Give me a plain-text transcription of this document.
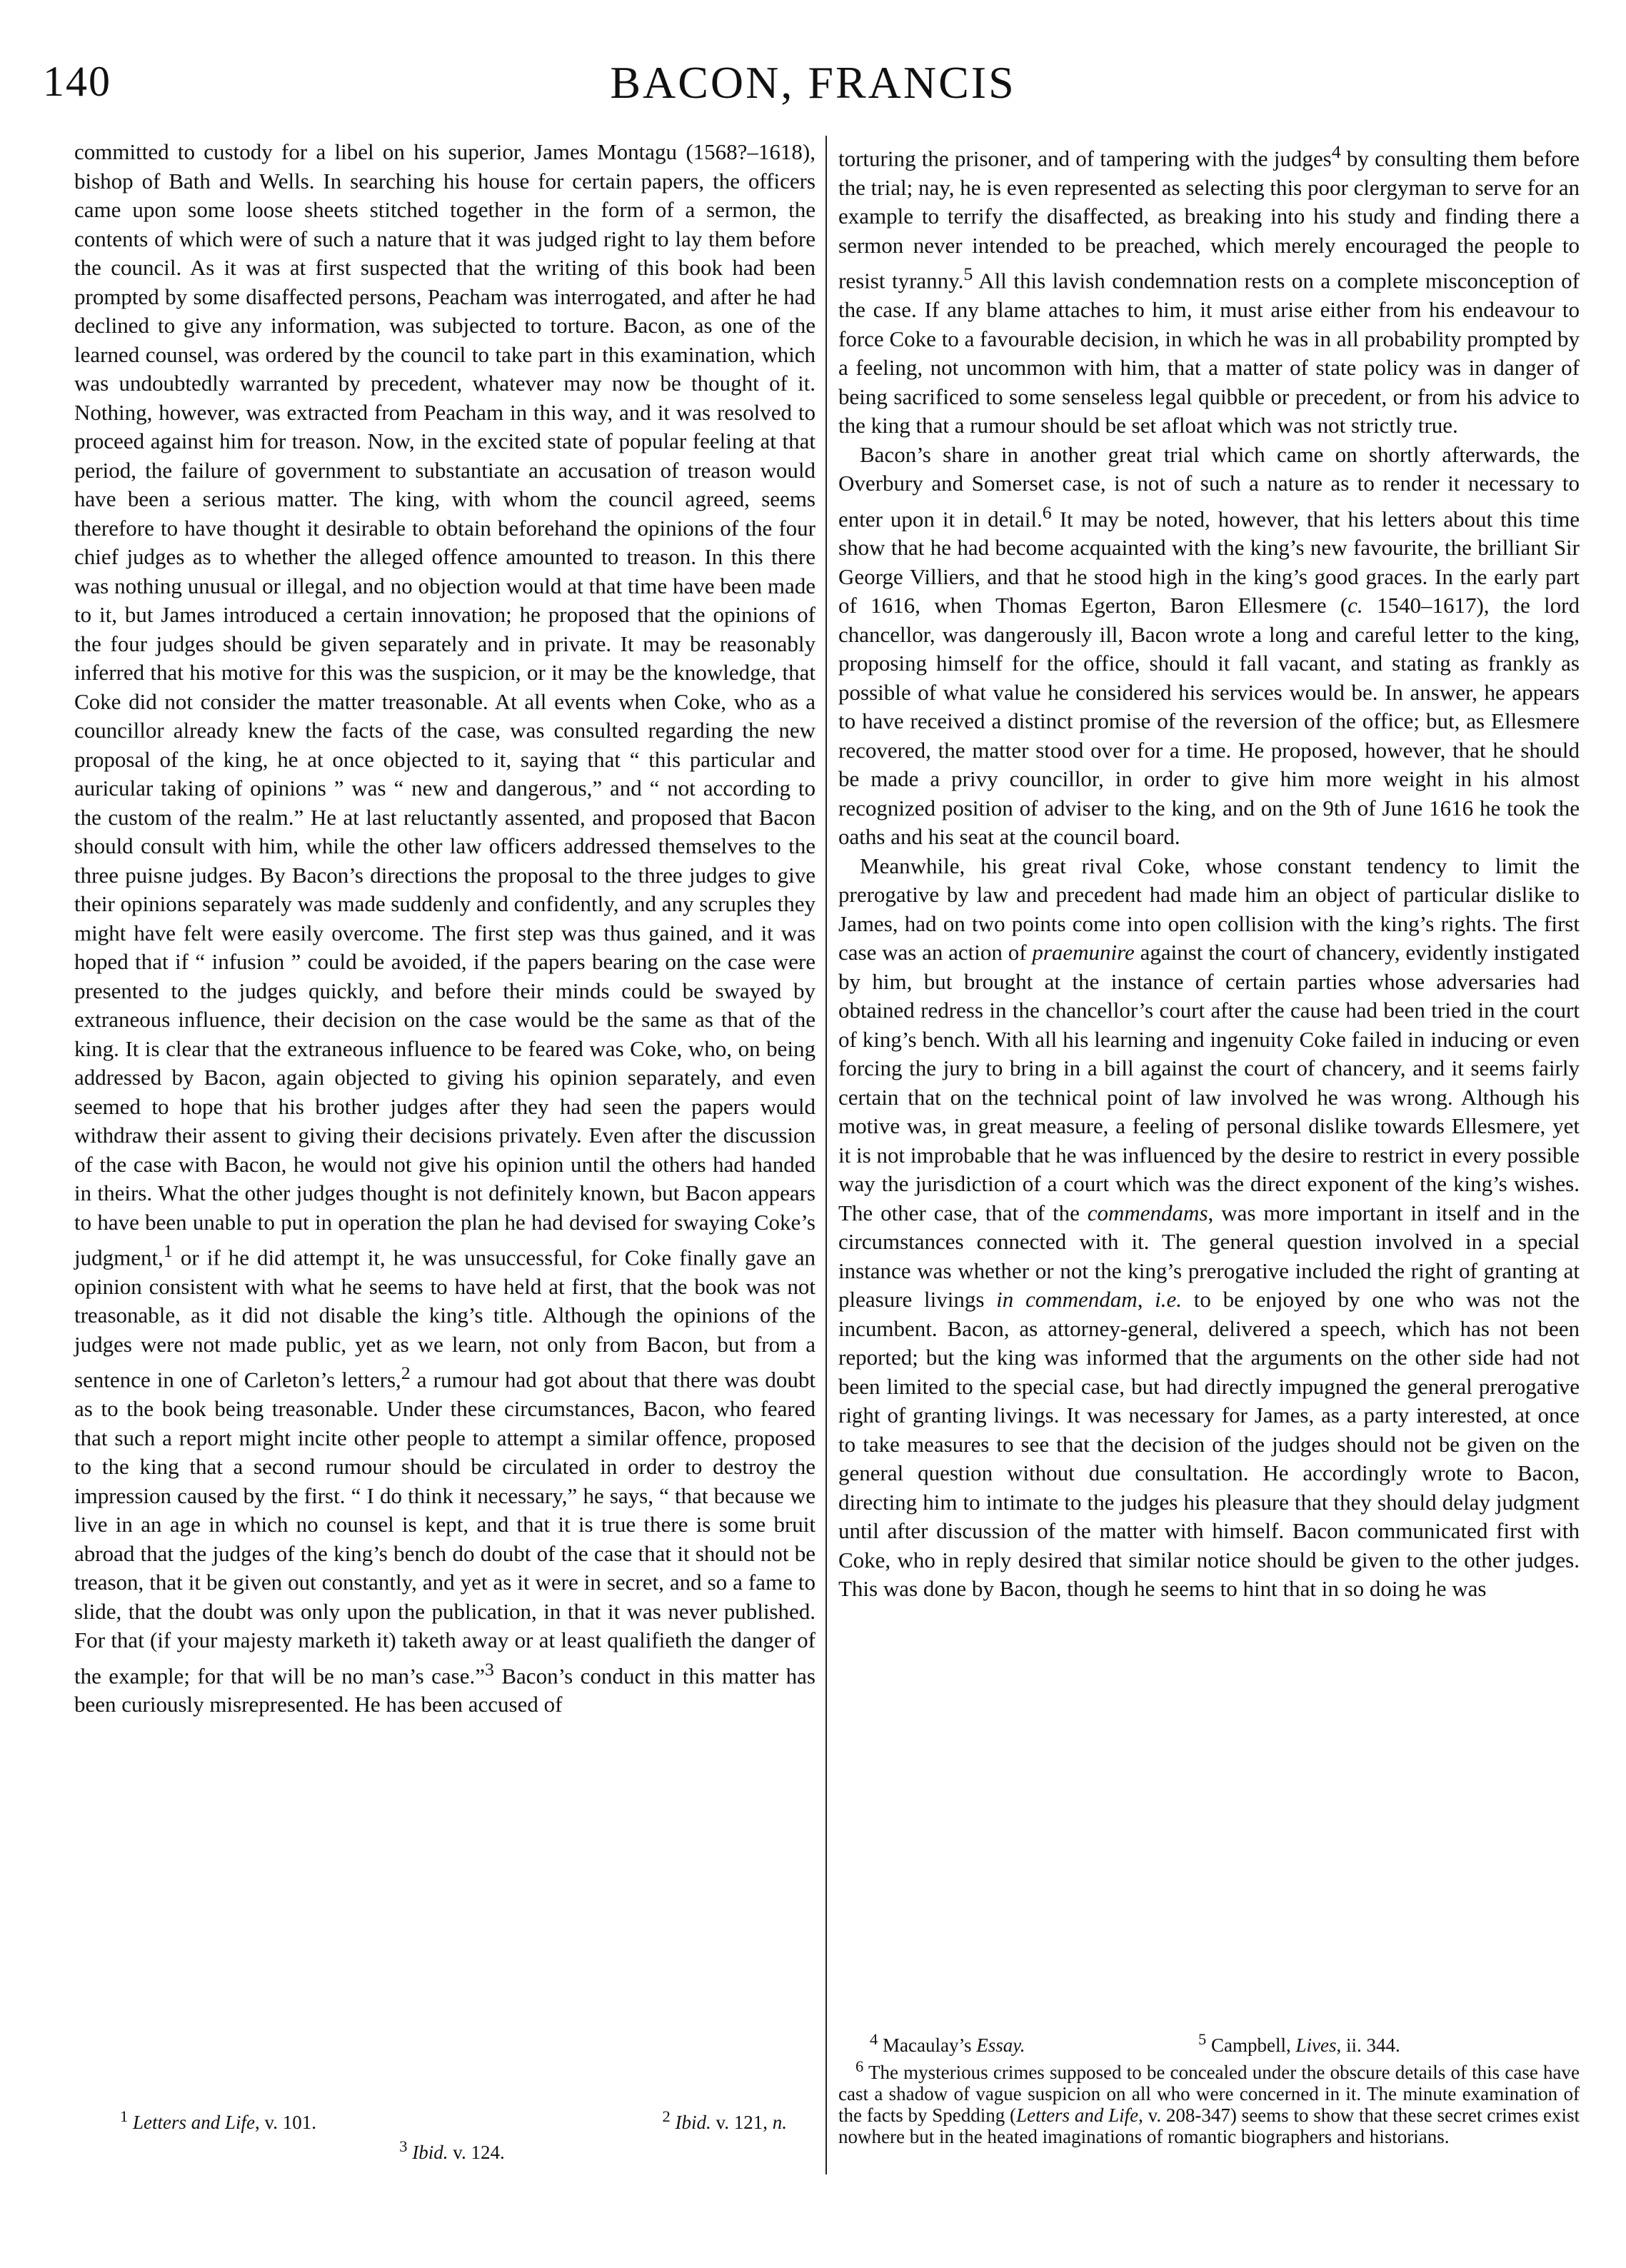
140	BACON, FRANCIS

committed to custody for a libel on his superior, James Montagu (1568?–1618), bishop of Bath and Wells. In searching his house for certain papers, the officers came upon some loose sheets stitched together in the form of a sermon, the contents of which were of such a nature that it was judged right to lay them before the council. As it was at first suspected that the writing of this book had been prompted by some disaffected persons, Peacham was interrogated, and after he had declined to give any information, was subjected to torture. Bacon, as one of the learned counsel, was ordered by the council to take part in this examination, which was undoubtedly warranted by precedent, whatever may now be thought of it. Nothing, however, was extracted from Peacham in this way, and it was resolved to proceed against him for treason. Now, in the excited state of popular feeling at that period, the failure of government to substantiate an accusation of treason would have been a serious matter. The king, with whom the council agreed, seems therefore to have thought it desirable to obtain beforehand the opinions of the four chief judges as to whether the alleged offence amounted to treason. In this there was nothing unusual or illegal, and no objection would at that time have been made to it, but James introduced a certain innovation; he proposed that the opinions of the four judges should be given separately and in private. It may be reasonably inferred that his motive for this was the suspicion, or it may be the knowledge, that Coke did not consider the matter treasonable. At all events when Coke, who as a councillor already knew the facts of the case, was consulted regarding the new proposal of the king, he at once objected to it, saying that “ this particular and auricular taking of opinions ” was “ new and dangerous,” and “ not according to the custom of the realm.” He at last reluctantly assented, and proposed that Bacon should consult with him, while the other law officers addressed themselves to the three puisne judges. By Bacon’s directions the proposal to the three judges to give their opinions separately was made suddenly and confidently, and any scruples they might have felt were easily overcome. The first step was thus gained, and it was hoped that if “ infusion ” could be avoided, if the papers bearing on the case were presented to the judges quickly, and before their minds could be swayed by extraneous influence, their decision on the case would be the same as that of the king. It is clear that the extraneous influence to be feared was Coke, who, on being addressed by Bacon, again objected to giving his opinion separately, and even seemed to hope that his brother judges after they had seen the papers would withdraw their assent to giving their decisions privately. Even after the discussion of the case with Bacon, he would not give his opinion until the others had handed in theirs. What the other judges thought is not definitely known, but Bacon appears to have been unable to put in operation the plan he had devised for swaying Coke’s judgment,$^1$ or if he did attempt it, he was unsuccessful, for Coke finally gave an opinion consistent with what he seems to have held at first, that the book was not treasonable, as it did not disable the king’s title. Although the opinions of the judges were not made public, yet as we learn, not only from Bacon, but from a sentence in one of Carleton’s letters,$^2$ a rumour had got about that there was doubt as to the book being treasonable. Under these circumstances, Bacon, who feared that such a report might incite other people to attempt a similar offence, proposed to the king that a second rumour should be circulated in order to destroy the impression caused by the first. “ I do think it necessary,” he says, “ that because we live in an age in which no counsel is kept, and that it is true there is some bruit abroad that the judges of the king’s bench do doubt of the case that it should not be treason, that it be given out constantly, and yet as it were in secret, and so a fame to slide, that the doubt was only upon the publication, in that it was never published. For that (if your majesty marketh it) taketh away or at least qualifieth the danger of the example; for that will be no man’s case.”$^3$ Bacon’s conduct in this matter has been curiously misrepresented. He has been accused of

$^1$ Letters and Life, v. 101.	$^2$ Ibid. v. 121, n.
$^3$ Ibid. v. 124.

torturing the prisoner, and of tampering with the judges$^4$ by consulting them before the trial; nay, he is even represented as selecting this poor clergyman to serve for an example to terrify the disaffected, as breaking into his study and finding there a sermon never intended to be preached, which merely encouraged the people to resist tyranny.$^5$ All this lavish condemnation rests on a complete misconception of the case. If any blame attaches to him, it must arise either from his endeavour to force Coke to a favourable decision, in which he was in all probability prompted by a feeling, not uncommon with him, that a matter of state policy was in danger of being sacrificed to some senseless legal quibble or precedent, or from his advice to the king that a rumour should be set afloat which was not strictly true.

Bacon’s share in another great trial which came on shortly afterwards, the Overbury and Somerset case, is not of such a nature as to render it necessary to enter upon it in detail.$^6$ It may be noted, however, that his letters about this time show that he had become acquainted with the king’s new favourite, the brilliant Sir George Villiers, and that he stood high in the king’s good graces. In the early part of 1616, when Thomas Egerton, Baron Ellesmere (c. 1540–1617), the lord chancellor, was dangerously ill, Bacon wrote a long and careful letter to the king, proposing himself for the office, should it fall vacant, and stating as frankly as possible of what value he considered his services would be. In answer, he appears to have received a distinct promise of the reversion of the office; but, as Ellesmere recovered, the matter stood over for a time. He proposed, however, that he should be made a privy councillor, in order to give him more weight in his almost recognized position of adviser to the king, and on the 9th of June 1616 he took the oaths and his seat at the council board.

Meanwhile, his great rival Coke, whose constant tendency to limit the prerogative by law and precedent had made him an object of particular dislike to James, had on two points come into open collision with the king’s rights. The first case was an action of praemunire against the court of chancery, evidently instigated by him, but brought at the instance of certain parties whose adversaries had obtained redress in the chancellor’s court after the cause had been tried in the court of king’s bench. With all his learning and ingenuity Coke failed in inducing or even forcing the jury to bring in a bill against the court of chancery, and it seems fairly certain that on the technical point of law involved he was wrong. Although his motive was, in great measure, a feeling of personal dislike towards Ellesmere, yet it is not improbable that he was influenced by the desire to restrict in every possible way the jurisdiction of a court which was the direct exponent of the king’s wishes. The other case, that of the commendams, was more important in itself and in the circumstances connected with it. The general question involved in a special instance was whether or not the king’s prerogative included the right of granting at pleasure livings in commendam, i.e. to be enjoyed by one who was not the incumbent. Bacon, as attorney-general, delivered a speech, which has not been reported; but the king was informed that the arguments on the other side had not been limited to the special case, but had directly impugned the general prerogative right of granting livings. It was necessary for James, as a party interested, at once to take measures to see that the decision of the judges should not be given on the general question without due consultation. He accordingly wrote to Bacon, directing him to intimate to the judges his pleasure that they should delay judgment until after discussion of the matter with himself. Bacon communicated first with Coke, who in reply desired that similar notice should be given to the other judges. This was done by Bacon, though he seems to hint that in so doing he was

$^4$ Macaulay’s Essay.	$^5$ Campbell, Lives, ii. 344.
$^6$ The mysterious crimes supposed to be concealed under the obscure details of this case have cast a shadow of vague suspicion on all who were concerned in it. The minute examination of the facts by Spedding (Letters and Life, v. 208-347) seems to show that these secret crimes exist nowhere but in the heated imaginations of romantic biographers and historians.
